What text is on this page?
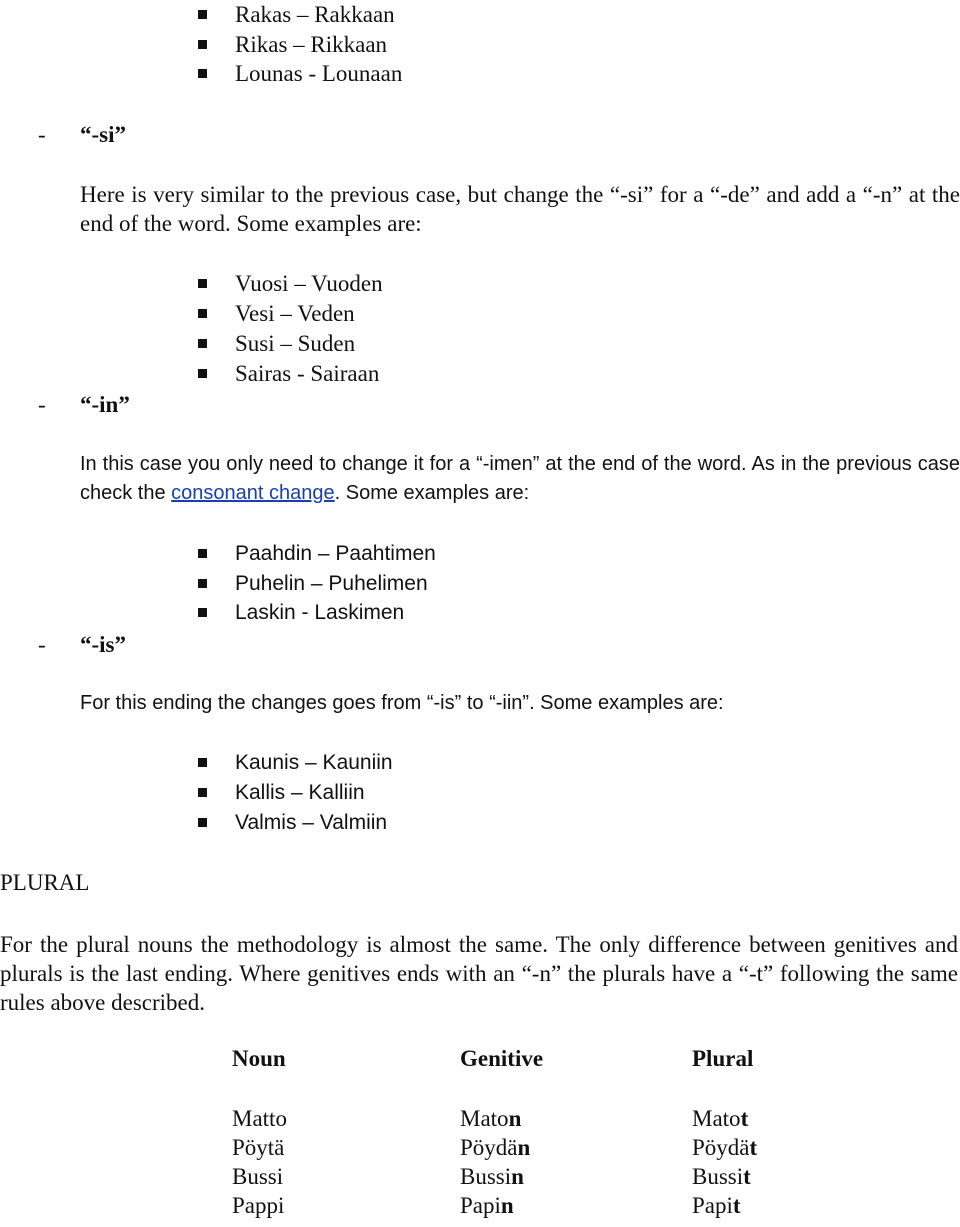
Rakas – Rakkaan
Rikas – Rikkaan
Lounas - Lounaan
- “-si”
Here is very similar to the previous case, but change the “-si” for a “-de” and add a “-n” at the end of the word. Some examples are:
Vuosi – Vuoden
Vesi – Veden
Susi – Suden
Sairas - Sairaan
- “-in”
In this case you only need to change it for a “-imen” at the end of the word. As in the previous case check the consonant change. Some examples are:
Paahdin – Paahtimen
Puhelin – Puhelimen
Laskin - Laskimen
- “-is”
For this ending the changes goes from “-is” to “-iin”. Some examples are:
Kaunis – Kauniin
Kallis – Kalliin
Valmis – Valmiin
PLURAL
For the plural nouns the methodology is almost the same. The only difference between genitives and plurals is the last ending. Where genitives ends with an “-n” the plurals have a “-t” following the same rules above described.
Noun	Genitive	Plural
Matto	Maton	Matot
Pöytä	Pöydän	Pöydät
Bussi	Bussin	Bussit
Pappi	Papin	Papit
